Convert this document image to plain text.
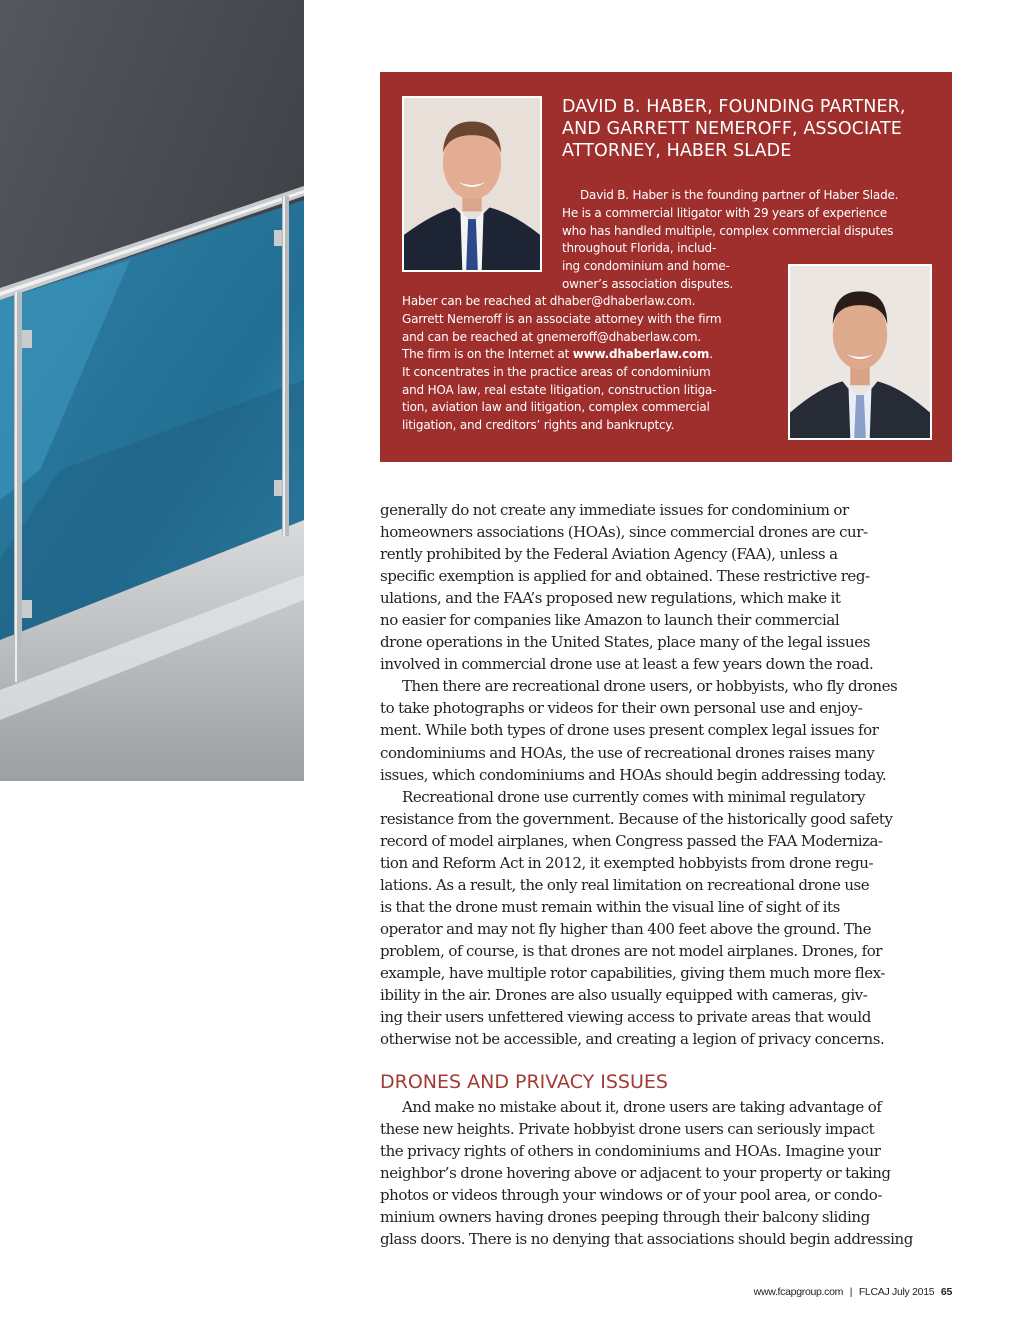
DAVID B. HABER, FOUNDING PARTNER,
AND GARRETT NEMEROFF, ASSOCIATE
ATTORNEY, HABER SLADE
David B. Haber is the founding partner of Haber Slade.
He is a commercial litigator with 29 years of experience
who has handled multiple, complex commercial disputes
throughout Florida, includ-
ing condominium and home-
owner’s association disputes.
Haber can be reached at dhaber@dhaberlaw.com.
Garrett Nemeroff is an associate attorney with the firm
and can be reached at gnemeroff@dhaberlaw.com.
The firm is on the Internet at www.dhaberlaw.com.
It concentrates in the practice areas of condominium
and HOA law, real estate litigation, construction litiga-
tion, aviation law and litigation, complex commercial
litigation, and creditors’ rights and bankruptcy.
generally do not create any immediate issues for condominium or
homeowners associations (HOAs), since commercial drones are cur-
rently prohibited by the Federal Aviation Agency (FAA), unless a
specific exemption is applied for and obtained. These restrictive reg-
ulations, and the FAA’s proposed new regulations, which make it
no easier for companies like Amazon to launch their commercial
drone operations in the United States, place many of the legal issues
involved in commercial drone use at least a few years down the road.
Then there are recreational drone users, or hobbyists, who fly drones
to take photographs or videos for their own personal use and enjoy-
ment. While both types of drone uses present complex legal issues for
condominiums and HOAs, the use of recreational drones raises many
issues, which condominiums and HOAs should begin addressing today.
Recreational drone use currently comes with minimal regulatory
resistance from the government. Because of the historically good safety
record of model airplanes, when Congress passed the FAA Moderniza-
tion and Reform Act in 2012, it exempted hobbyists from drone regu-
lations. As a result, the only real limitation on recreational drone use
is that the drone must remain within the visual line of sight of its
operator and may not fly higher than 400 feet above the ground. The
problem, of course, is that drones are not model airplanes. Drones, for
example, have multiple rotor capabilities, giving them much more flex-
ibility in the air. Drones are also usually equipped with cameras, giv-
ing their users unfettered viewing access to private areas that would
otherwise not be accessible, and creating a legion of privacy concerns.
DRONES AND PRIVACY ISSUES
And make no mistake about it, drone users are taking advantage of
these new heights. Private hobbyist drone users can seriously impact
the privacy rights of others in condominiums and HOAs. Imagine your
neighbor’s drone hovering above or adjacent to your property or taking
photos or videos through your windows or of your pool area, or condo-
minium owners having drones peeping through their balcony sliding
glass doors. There is no denying that associations should begin addressing
www.fcapgroup.com | FLCAJ July 2015 65
